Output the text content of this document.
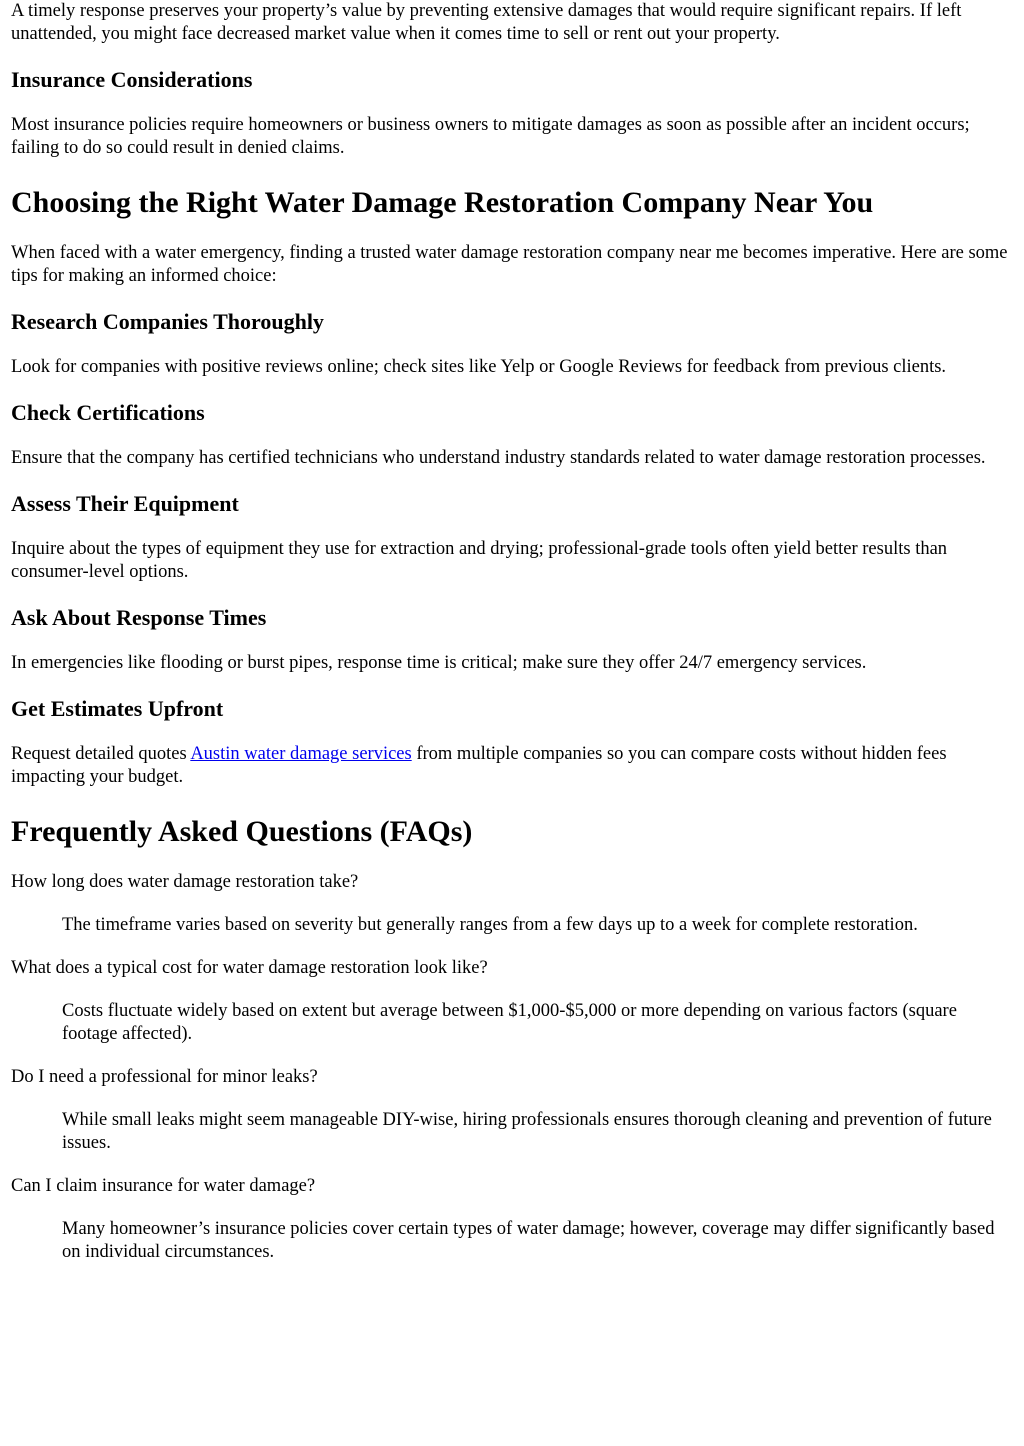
A timely response preserves your property’s value by preventing extensive damages that would require significant repairs. If left unattended, you might face decreased market value when it comes time to sell or rent out your property.

Insurance Considerations

Most insurance policies require homeowners or business owners to mitigate damages as soon as possible after an incident occurs; failing to do so could result in denied claims.

Choosing the Right Water Damage Restoration Company Near You

When faced with a water emergency, finding a trusted water damage restoration company near me becomes imperative. Here are some tips for making an informed choice:

Research Companies Thoroughly

Look for companies with positive reviews online; check sites like Yelp or Google Reviews for feedback from previous clients.

Check Certifications

Ensure that the company has certified technicians who understand industry standards related to water damage restoration processes.

Assess Their Equipment

Inquire about the types of equipment they use for extraction and drying; professional-grade tools often yield better results than consumer-level options.

Ask About Response Times

In emergencies like flooding or burst pipes, response time is critical; make sure they offer 24/7 emergency services.

Get Estimates Upfront

Request detailed quotes Austin water damage services from multiple companies so you can compare costs without hidden fees impacting your budget.

Frequently Asked Questions (FAQs)
How long does water damage restoration take?
The timeframe varies based on severity but generally ranges from a few days up to a week for complete restoration.
What does a typical cost for water damage restoration look like?
Costs fluctuate widely based on extent but average between $1,000-$5,000 or more depending on various factors (square footage affected).
Do I need a professional for minor leaks?
While small leaks might seem manageable DIY-wise, hiring professionals ensures thorough cleaning and prevention of future issues.
Can I claim insurance for water damage?
Many homeowner’s insurance policies cover certain types of water damage; however, coverage may differ significantly based on individual circumstances.
